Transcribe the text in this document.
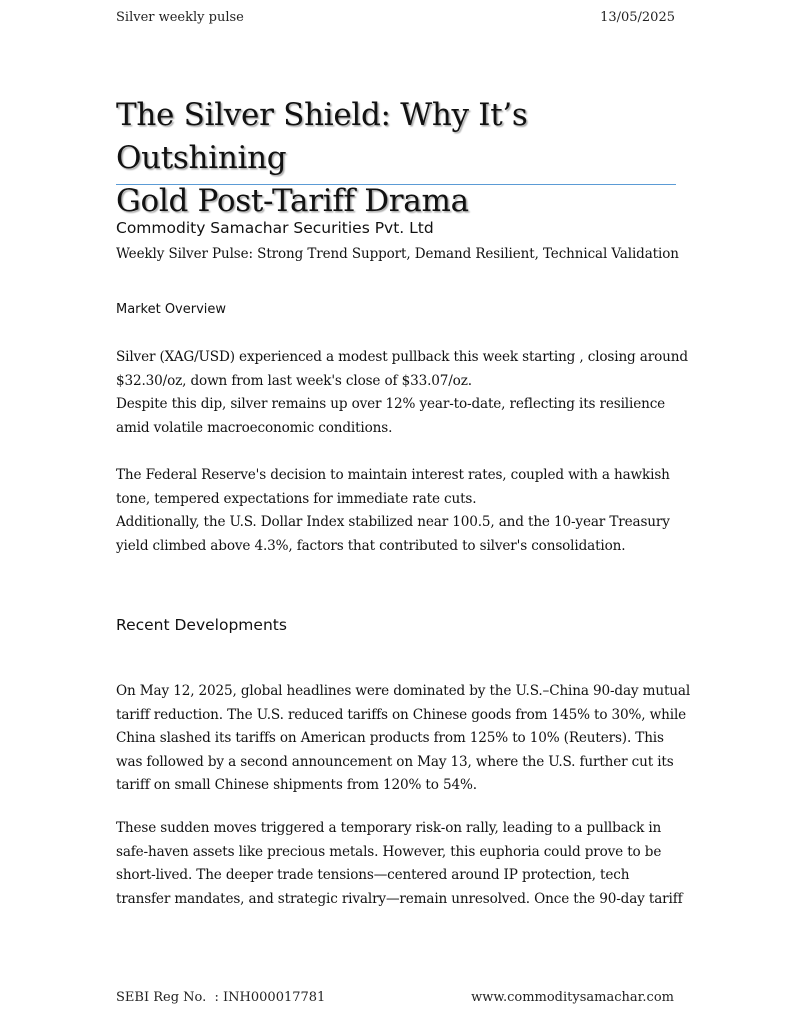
Silver weekly pulse	13/05/2025
The Silver Shield: Why It’s Outshining
Gold Post-Tariff Drama
Commodity Samachar Securities Pvt. Ltd
Weekly Silver Pulse: Strong Trend Support, Demand Resilient, Technical Validation
Market Overview
Silver (XAG/USD) experienced a modest pullback this week starting , closing around
$32.30/oz, down from last week's close of $33.07/oz.
Despite this dip, silver remains up over 12% year-to-date, reflecting its resilience
amid volatile macroeconomic conditions.
The Federal Reserve's decision to maintain interest rates, coupled with a hawkish
tone, tempered expectations for immediate rate cuts.
Additionally, the U.S. Dollar Index stabilized near 100.5, and the 10-year Treasury
yield climbed above 4.3%, factors that contributed to silver's consolidation.
Recent Developments
On May 12, 2025, global headlines were dominated by the U.S.–China 90-day mutual
tariff reduction. The U.S. reduced tariffs on Chinese goods from 145% to 30%, while
China slashed its tariffs on American products from 125% to 10% (Reuters). This
was followed by a second announcement on May 13, where the U.S. further cut its
tariff on small Chinese shipments from 120% to 54%.
These sudden moves triggered a temporary risk-on rally, leading to a pullback in
safe-haven assets like precious metals. However, this euphoria could prove to be
short-lived. The deeper trade tensions—centered around IP protection, tech
transfer mandates, and strategic rivalry—remain unresolved. Once the 90-day tariff
SEBI Reg No.  : INH000017781	www.commoditysamachar.com
